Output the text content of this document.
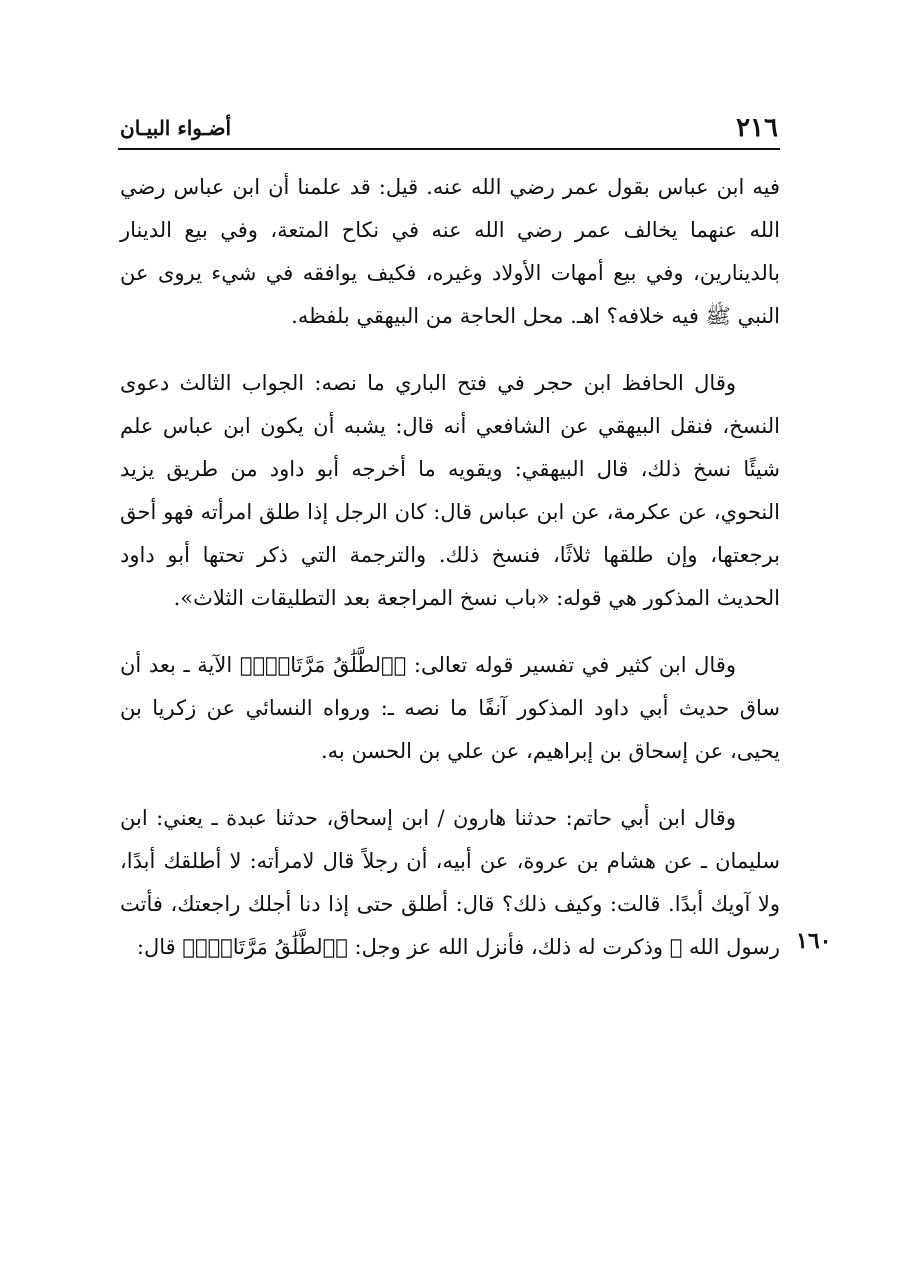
٢١٦
أضـواء البيـان

فيه ابن عباس بقول عمر رضي الله عنه. قيل: قد علمنا أن ابن عباس رضي الله عنهما يخالف عمر رضي الله عنه في نكاح المتعة، وفي بيع الدينار بالدينارين، وفي بيع أمهات الأولاد وغيره، فكيف يوافقه في شيء يروى عن النبي ﷺ فيه خلافه؟ اهـ. محل الحاجة من البيهقي بلفظه.

وقال الحافظ ابن حجر في فتح الباري ما نصه: الجواب الثالث دعوى النسخ، فنقل البيهقي عن الشافعي أنه قال: يشبه أن يكون ابن عباس علم شيئًا نسخ ذلك، قال البيهقي: ويقويه ما أخرجه أبو داود من طريق يزيد النحوي، عن عكرمة، عن ابن عباس قال: كان الرجل إذا طلق امرأته فهو أحق برجعتها، وإن طلقها ثلاثًا، فنسخ ذلك. والترجمة التي ذكر تحتها أبو داود الحديث المذكور هي قوله: «باب نسخ المراجعة بعد التطليقات الثلاث».

وقال ابن كثير في تفسير قوله تعالى: ﴿ٱلطَّلَٰقُ مَرَّتَانِۖ﴾ الآية ـ بعد أن ساق حديث أبي داود المذكور آنفًا ما نصه ـ: ورواه النسائي عن زكريا بن يحيى، عن إسحاق بن إبراهيم، عن علي بن الحسن به.

وقال ابن أبي حاتم: حدثنا هارون / ابن إسحاق، حدثنا عبدة ـ يعني: ابن سليمان ـ عن هشام بن عروة، عن أبيه، أن رجلاً قال لامرأته: لا أطلقك أبدًا، ولا آويك أبدًا. قالت: وكيف ذلك؟ قال: أطلق حتى إذا دنا أجلك راجعتك، فأتت رسول الله ﷺ وذكرت له ذلك، فأنزل الله عز وجل: ﴿ٱلطَّلَٰقُ مَرَّتَانِۖ﴾ قال: ١٦٠
